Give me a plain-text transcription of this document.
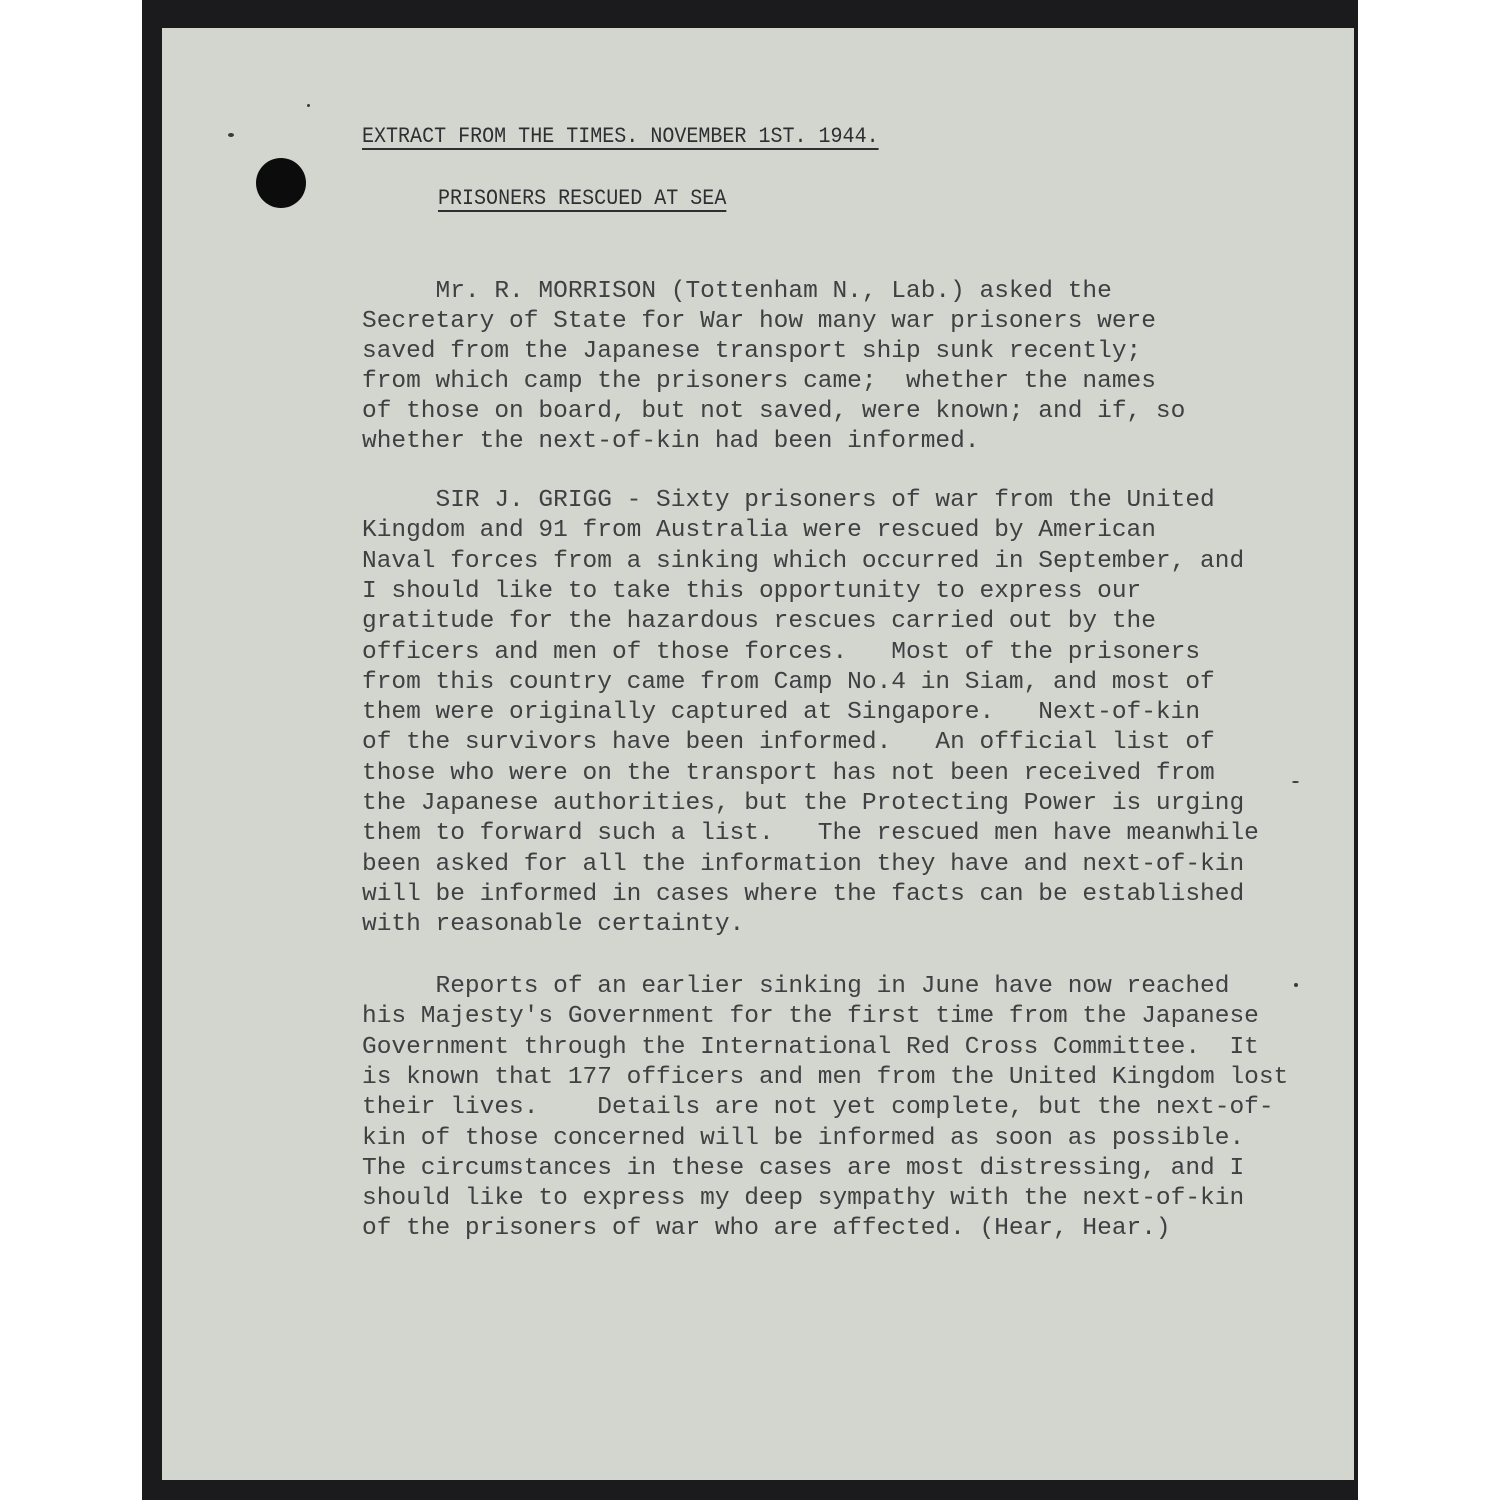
EXTRACT FROM THE TIMES. NOVEMBER 1ST. 1944.
PRISONERS RESCUED AT SEA
Mr. R. MORRISON (Tottenham N., Lab.) asked the
Secretary of State for War how many war prisoners were
saved from the Japanese transport ship sunk recently;
from which camp the prisoners came;  whether the names
of those on board, but not saved, were known; and if, so
whether the next-of-kin had been informed.
SIR J. GRIGG - Sixty prisoners of war from the United
Kingdom and 91 from Australia were rescued by American
Naval forces from a sinking which occurred in September, and
I should like to take this opportunity to express our
gratitude for the hazardous rescues carried out by the
officers and men of those forces.   Most of the prisoners
from this country came from Camp No.4 in Siam, and most of
them were originally captured at Singapore.   Next-of-kin
of the survivors have been informed.   An official list of
those who were on the transport has not been received from
the Japanese authorities, but the Protecting Power is urging
them to forward such a list.   The rescued men have meanwhile
been asked for all the information they have and next-of-kin
will be informed in cases where the facts can be established
with reasonable certainty.
Reports of an earlier sinking in June have now reached
his Majesty's Government for the first time from the Japanese
Government through the International Red Cross Committee.  It
is known that 177 officers and men from the United Kingdom lost
their lives.    Details are not yet complete, but the next-of-
kin of those concerned will be informed as soon as possible.
The circumstances in these cases are most distressing, and I
should like to express my deep sympathy with the next-of-kin
of the prisoners of war who are affected. (Hear, Hear.)
